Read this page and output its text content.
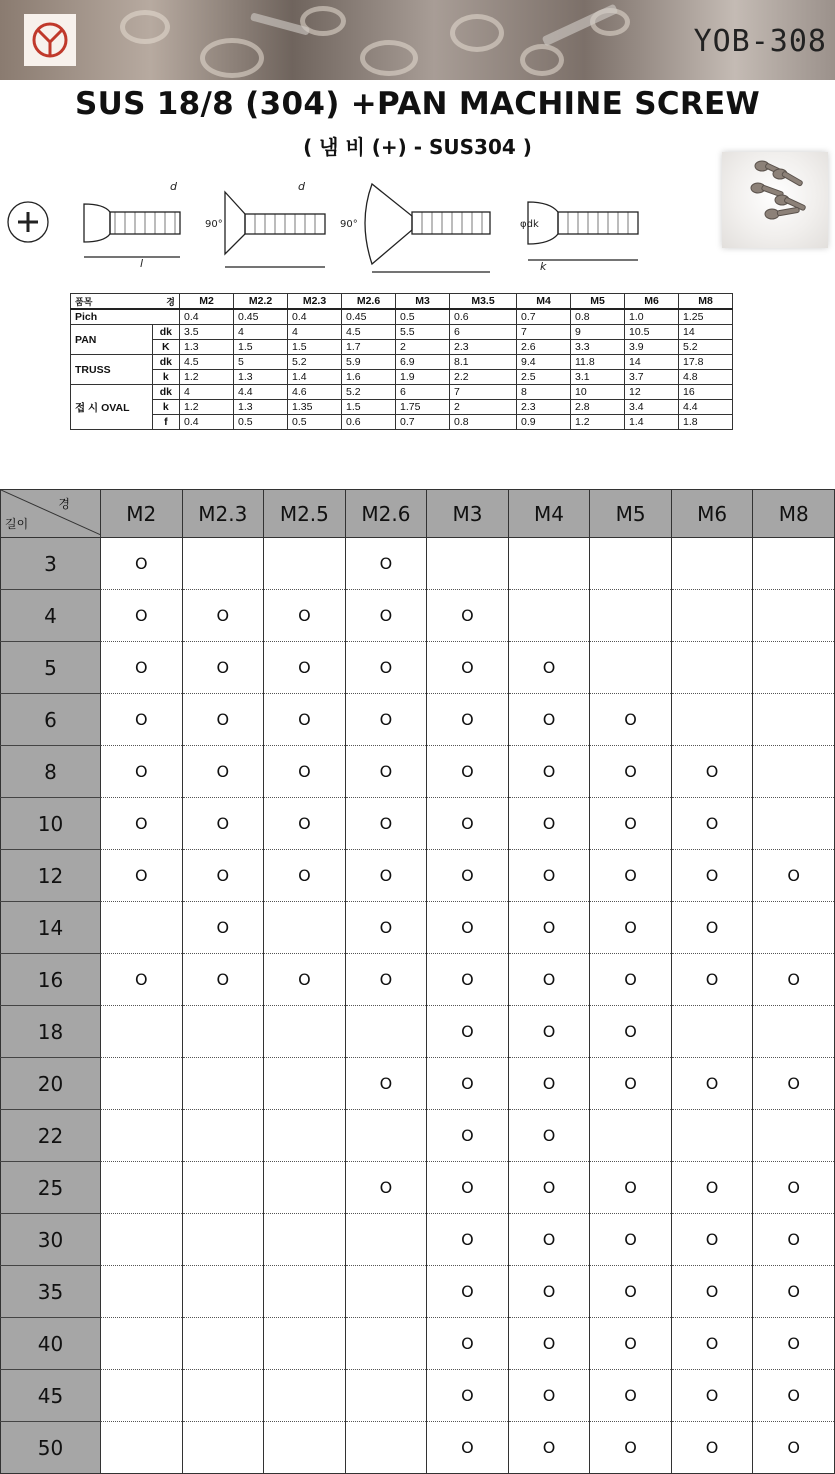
YOB-308
SUS 18/8 (304) +PAN MACHINE SCREW
( 냄 비 (+) - SUS304 )
l
d
90°
d
90°	φdk
k
품목 경		M2	M2.2	M2.3	M2.6	M3	M3.5	M4	M5	M6	M8
Pich		0.4	0.45	0.4	0.45	0.5	0.6	0.7	0.8	1.0	1.25
PAN	dk	3.5	4	4	4.5	5.5	6	7	9	10.5	14
	K	1.3	1.5	1.5	1.7	2	2.3	2.6	3.3	3.9	5.2
TRUSS	dk	4.5	5	5.2	5.9	6.9	8.1	9.4	11.8	14	17.8
	k	1.2	1.3	1.4	1.6	1.9	2.2	2.5	3.1	3.7	4.8
접 시 OVAL	dk	4	4.4	4.6	5.2	6	7	8	10	12	16
	k	1.2	1.3	1.35	1.5	1.75	2	2.3	2.8	3.4	4.4
	f	0.4	0.5	0.5	0.6	0.7	0.8	0.9	1.2	1.4	1.8
경
길이	M2	M2.3	M2.5	M2.6	M3	M4	M5	M6	M8
3	O			O					
4	O	O	O	O	O				
5	O	O	O	O	O	O			
6	O	O	O	O	O	O	O		
8	O	O	O	O	O	O	O	O	
10	O	O	O	O	O	O	O	O	
12	O	O	O	O	O	O	O	O	O
14		O		O	O	O	O	O	
16	O	O	O	O	O	O	O	O	O
18					O	O	O		
20				O	O	O	O	O	O
22					O	O			
25				O	O	O	O	O	O
30					O	O	O	O	O
35					O	O	O	O	O
40					O	O	O	O	O
45					O	O	O	O	O
50					O	O	O	O	O
